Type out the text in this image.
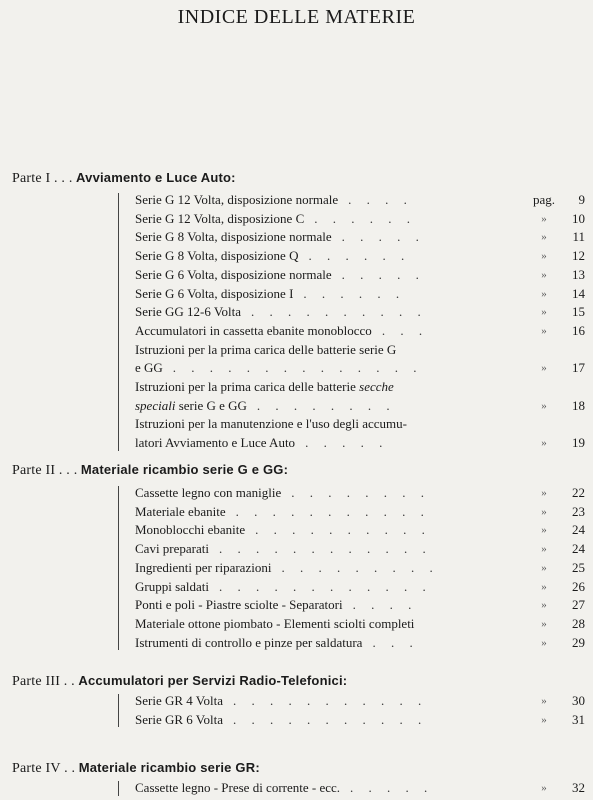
INDICE DELLE MATERIE
Parte I . . . Avviamento e Luce Auto:
Serie G 12 Volta, disposizione normale . . . .	pag.	9
Serie G 12 Volta, disposizione C . . . . . .	»	10
Serie G 8 Volta, disposizione normale . . . . .	»	11
Serie G 8 Volta, disposizione Q . . . . . .	»	12
Serie G 6 Volta, disposizione normale . . . . .	»	13
Serie G 6 Volta, disposizione I . . . . . .	»	14
Serie GG 12-6 Volta . . . . . . . . . .	»	15
Accumulatori in cassetta ebanite monoblocco . . .	»	16
Istruzioni per la prima carica delle batterie serie G
e GG . . . . . . . . . . . . . .	»	17
Istruzioni per la prima carica delle batterie secche
speciali serie G e GG . . . . . . . .	»	18
Istruzioni per la manutenzione e l'uso degli accumu-
latori Avviamento e Luce Auto . . . . .	»	19
Parte II . . . Materiale ricambio serie G e GG:
Cassette legno con maniglie . . . . . . . .	»	22
Materiale ebanite . . . . . . . . . . .	»	23
Monoblocchi ebanite . . . . . . . . . .	»	24
Cavi preparati . . . . . . . . . . . .	»	24
Ingredienti per riparazioni . . . . . . . . .	»	25
Gruppi saldati . . . . . . . . . . . .	»	26
Ponti e poli - Piastre sciolte - Separatori . . . .	»	27
Materiale ottone piombato - Elementi sciolti completi	»	28
Istrumenti di controllo e pinze per saldatura . . .	»	29
Parte III . . Accumulatori per Servizi Radio-Telefonici:
Serie GR 4 Volta . . . . . . . . . . .	»	30
Serie GR 6 Volta . . . . . . . . . . .	»	31
Parte IV . . Materiale ricambio serie GR:
Cassette legno - Prese di corrente - ecc. . . . . .	»	32
